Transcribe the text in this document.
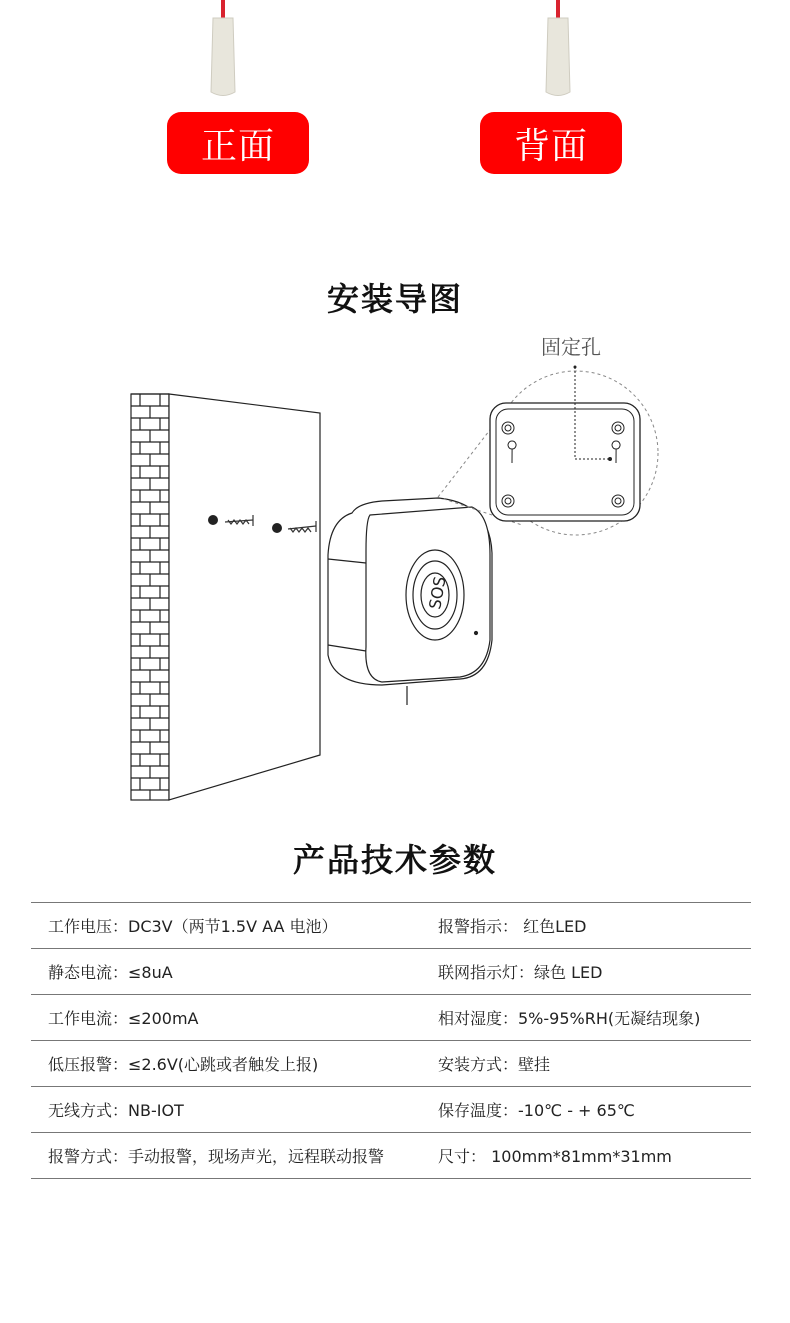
正面	背面
安装导图
固定孔
SOS
产品技术参数
工作电压：DC3V（两节1.5V AA 电池）	报警指示： 红色LED
静态电流：≤8uA	联网指示灯：绿色 LED
工作电流：≤200mA	相对湿度：5%-95%RH(无凝结现象)
低压报警：≤2.6V(心跳或者触发上报)	安装方式：壁挂
无线方式：NB-IOT	保存温度：-10℃ - + 65℃
报警方式：手动报警，现场声光，远程联动报警	尺寸： 100mm*81mm*31mm
